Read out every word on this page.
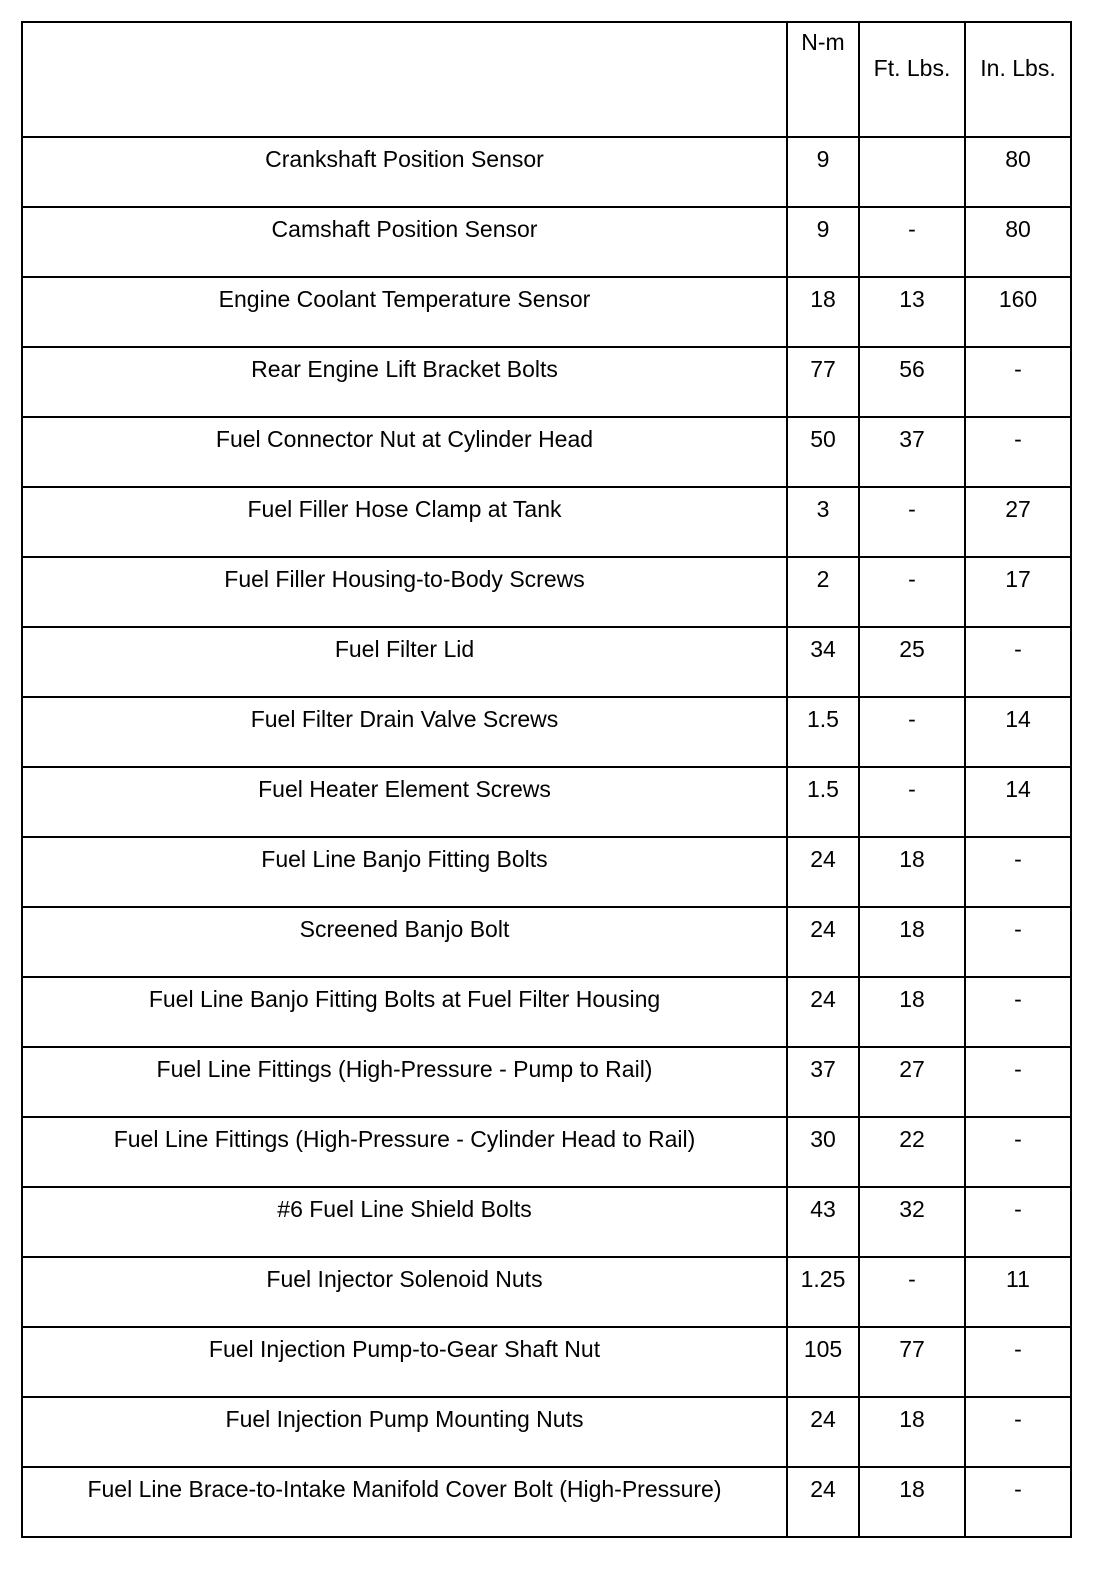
	N-m	Ft. Lbs.	In. Lbs.
Crankshaft Position Sensor	9		80
Camshaft Position Sensor	9	-	80
Engine Coolant Temperature Sensor	18	13	160
Rear Engine Lift Bracket Bolts	77	56	-
Fuel Connector Nut at Cylinder Head	50	37	-
Fuel Filler Hose Clamp at Tank	3	-	27
Fuel Filler Housing-to-Body Screws	2	-	17
Fuel Filter Lid	34	25	-
Fuel Filter Drain Valve Screws	1.5	-	14
Fuel Heater Element Screws	1.5	-	14
Fuel Line Banjo Fitting Bolts	24	18	-
Screened Banjo Bolt	24	18	-
Fuel Line Banjo Fitting Bolts at Fuel Filter Housing	24	18	-
Fuel Line Fittings (High-Pressure - Pump to Rail)	37	27	-
Fuel Line Fittings (High-Pressure - Cylinder Head to Rail)	30	22	-
#6 Fuel Line Shield Bolts	43	32	-
Fuel Injector Solenoid Nuts	1.25	-	11
Fuel Injection Pump-to-Gear Shaft Nut	105	77	-
Fuel Injection Pump Mounting Nuts	24	18	-
Fuel Line Brace-to-Intake Manifold Cover Bolt (High-Pressure)	24	18	-
